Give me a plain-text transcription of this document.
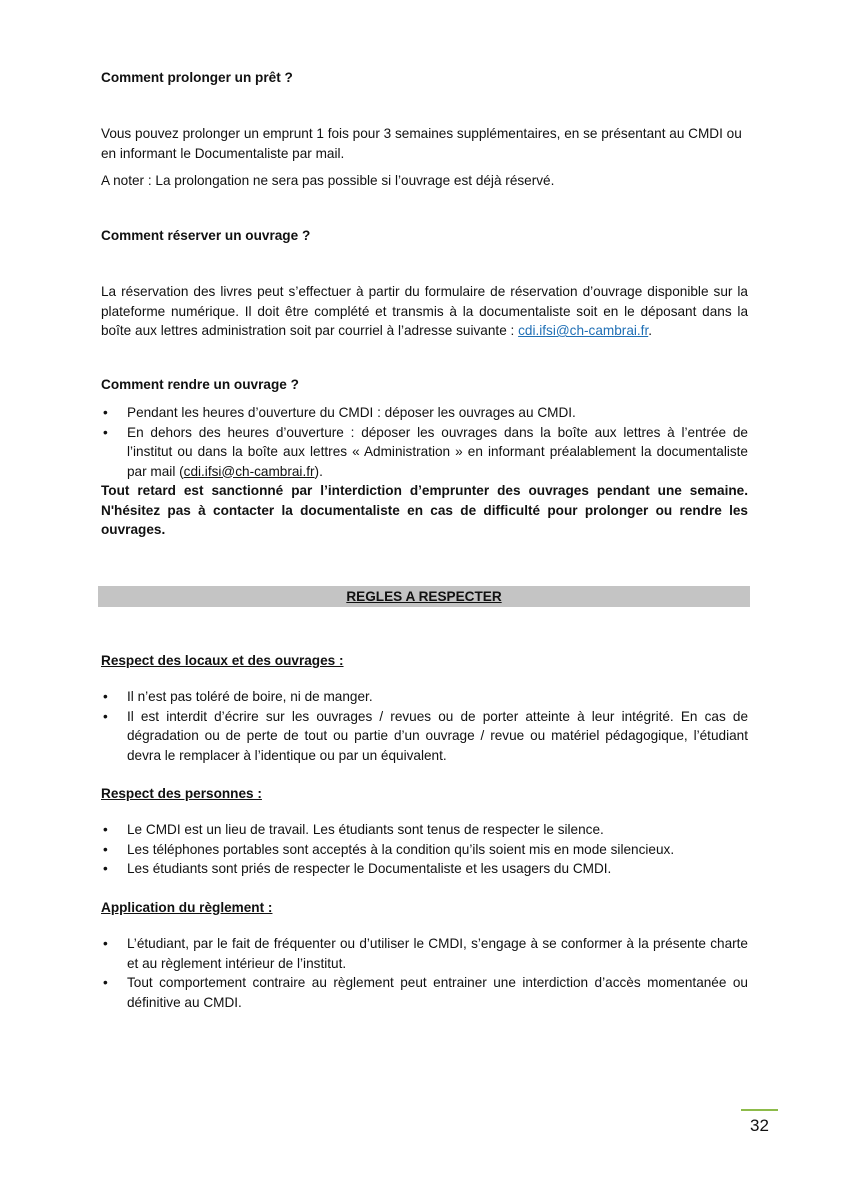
Comment prolonger un prêt ?

Vous pouvez prolonger un emprunt 1 fois pour 3 semaines supplémentaires, en se présentant au CMDI ou en informant le Documentaliste par mail.

A noter : La prolongation ne sera pas possible si l’ouvrage est déjà réservé.

Comment réserver un ouvrage ?

La réservation des livres peut s’effectuer à partir du formulaire de réservation d’ouvrage disponible sur la plateforme numérique. Il doit être complété et transmis à la documentaliste soit en le déposant dans la boîte aux lettres administration soit par courriel à l’adresse suivante : cdi.ifsi@ch-cambrai.fr.

Comment rendre un ouvrage ?

• Pendant les heures d’ouverture du CMDI : déposer les ouvrages au CMDI.
• En dehors des heures d’ouverture : déposer les ouvrages dans la boîte aux lettres à l’entrée de l’institut ou dans la boîte aux lettres « Administration » en informant préalablement la documentaliste par mail (cdi.ifsi@ch-cambrai.fr).

Tout retard est sanctionné par l’interdiction d’emprunter des ouvrages pendant une semaine. N'hésitez pas à contacter la documentaliste en cas de difficulté pour prolonger ou rendre les ouvrages.

Respect des locaux et des ouvrages :

• Il n’est pas toléré de boire, ni de manger.
• Il est interdit d’écrire sur les ouvrages / revues ou de porter atteinte à leur intégrité. En cas de dégradation ou de perte de tout ou partie d’un ouvrage / revue ou matériel pédagogique, l’étudiant devra le remplacer à l’identique ou par un équivalent.

Respect des personnes :

• Le CMDI est un lieu de travail. Les étudiants sont tenus de respecter le silence.
• Les téléphones portables sont acceptés à la condition qu’ils soient mis en mode silencieux.
• Les étudiants sont priés de respecter le Documentaliste et les usagers du CMDI.

Application du règlement :

• L’étudiant, par le fait de fréquenter ou d’utiliser le CMDI, s’engage à se conformer à la présente charte et au règlement intérieur de l’institut.
• Tout comportement contraire au règlement peut entrainer une interdiction d’accès momentanée ou définitive au CMDI.
REGLES A RESPECTER
32
